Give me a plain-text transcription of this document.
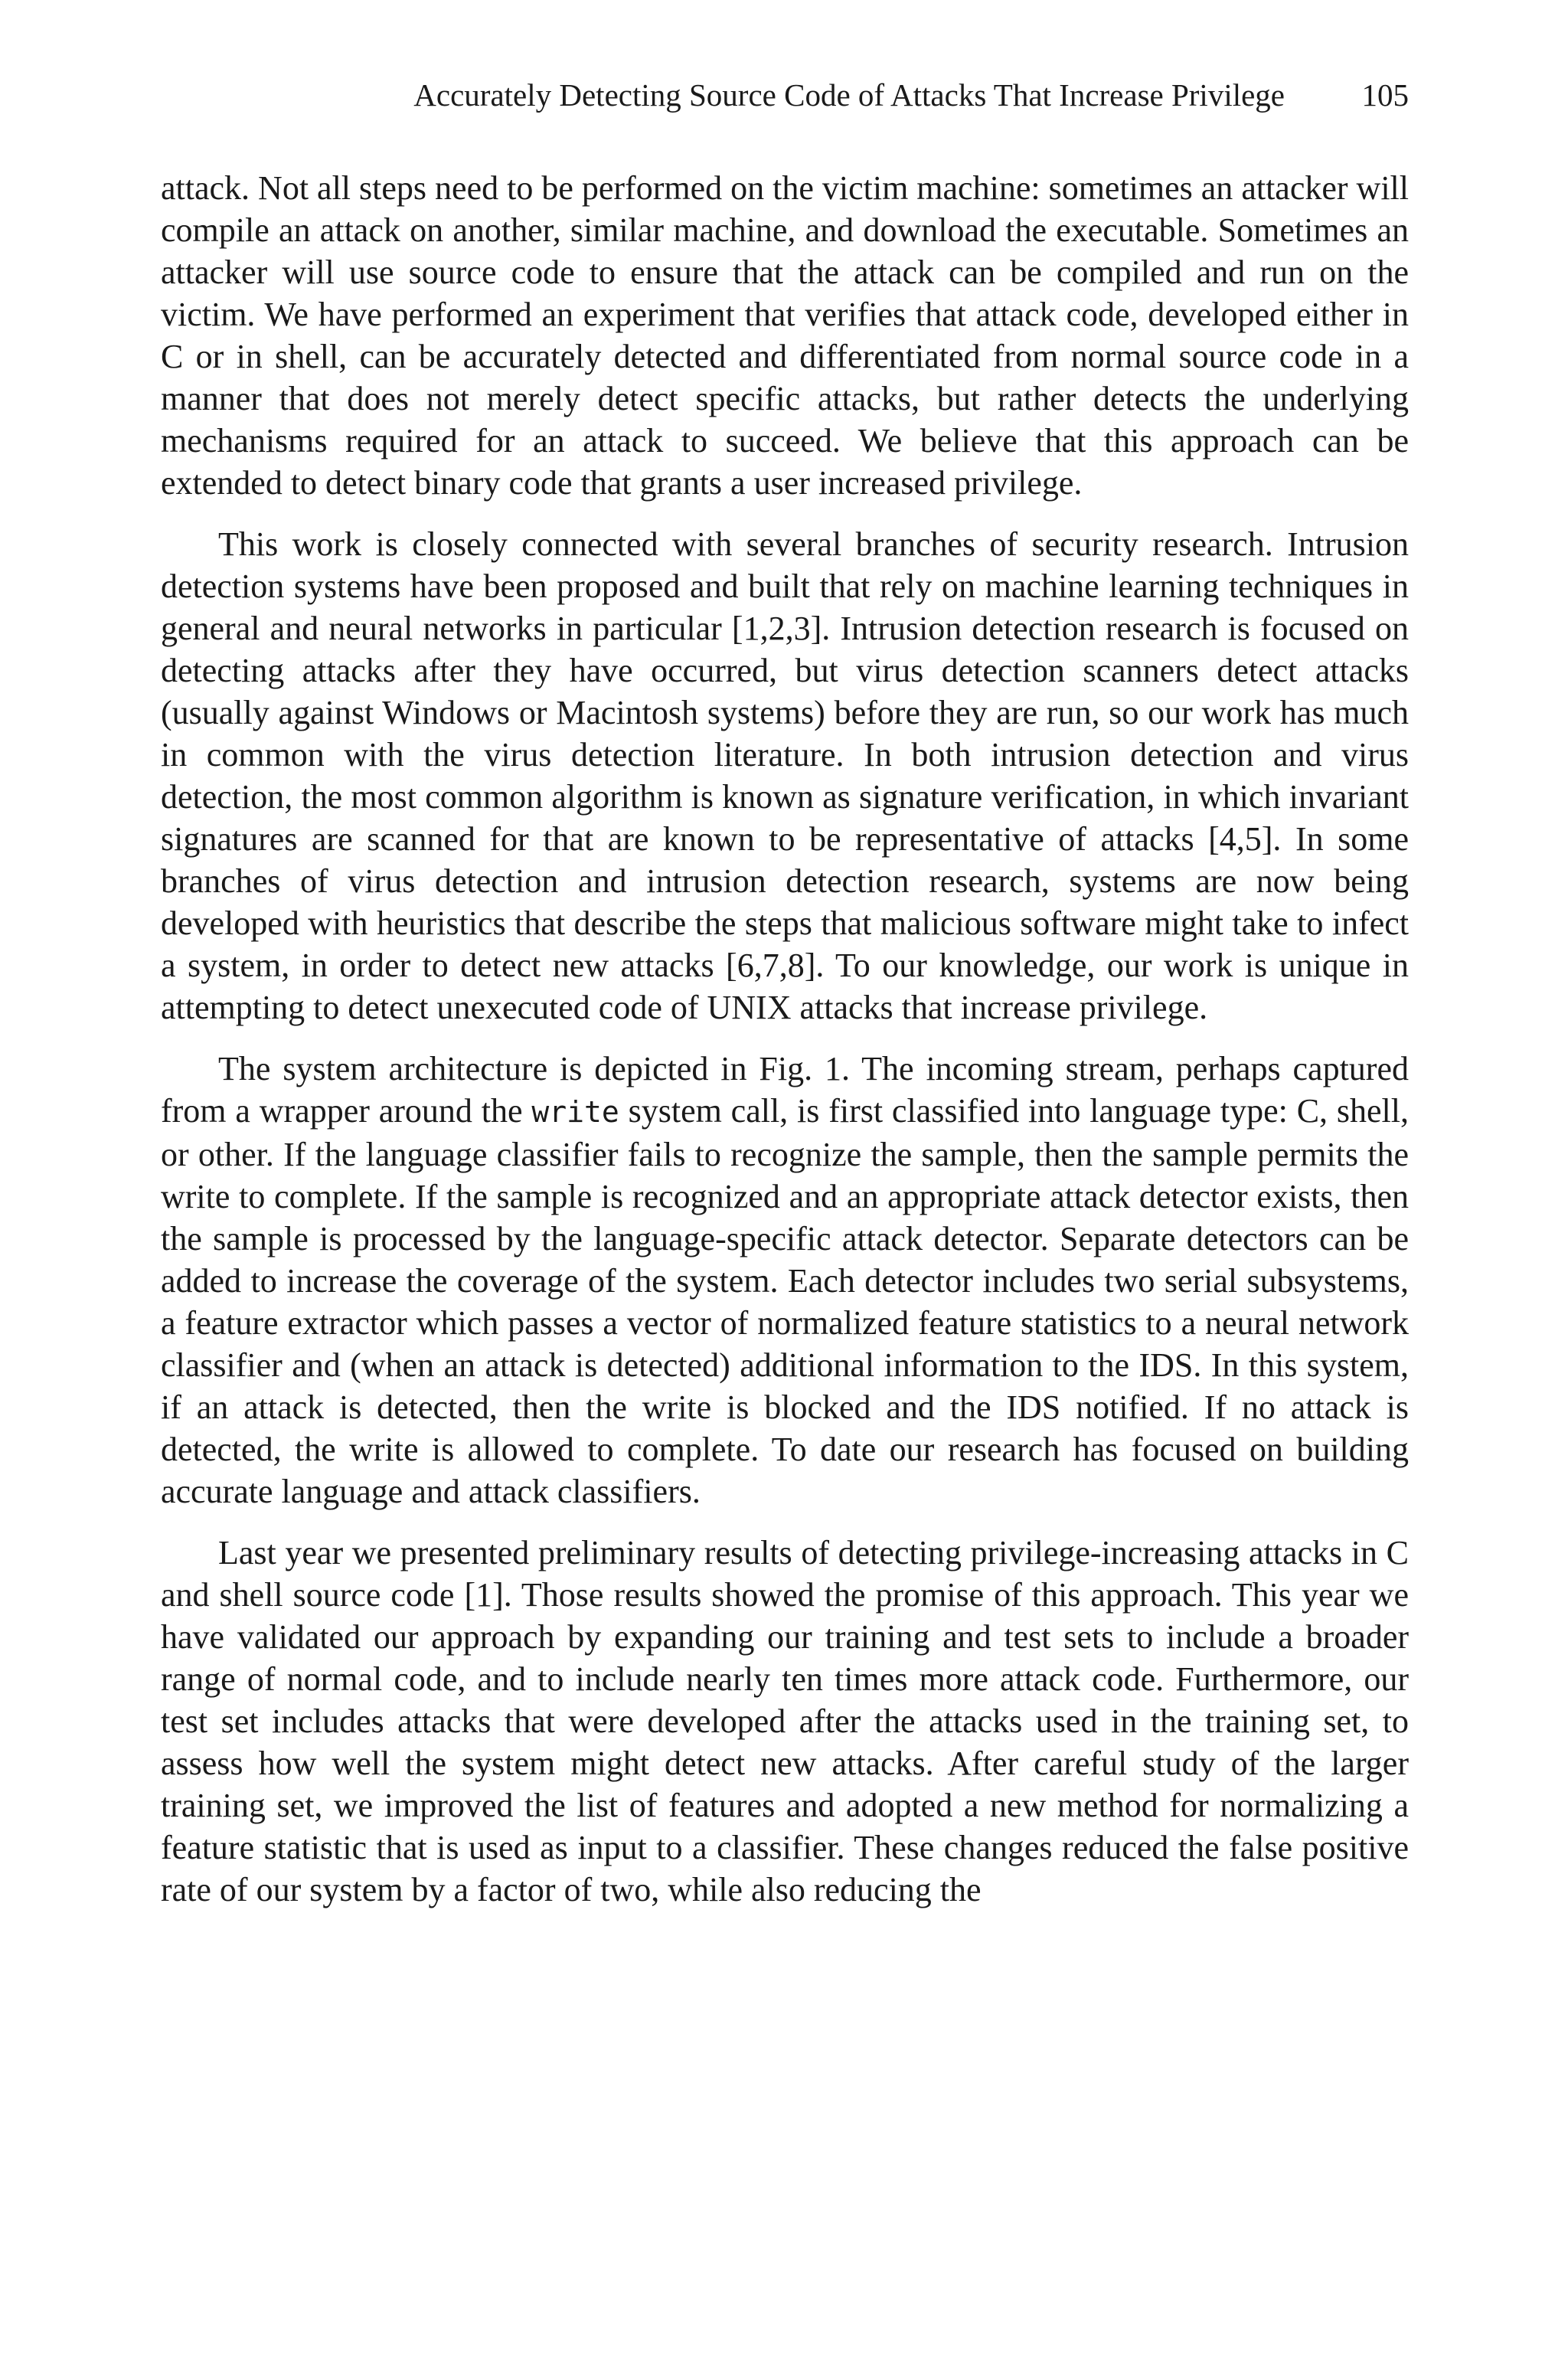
Accurately Detecting Source Code of Attacks That Increase Privilege 105

attack. Not all steps need to be performed on the victim machine: sometimes an attacker will compile an attack on another, similar machine, and download the executable. Sometimes an attacker will use source code to ensure that the attack can be compiled and run on the victim. We have performed an experiment that verifies that attack code, developed either in C or in shell, can be accurately detected and differentiated from normal source code in a manner that does not merely detect specific attacks, but rather detects the underlying mechanisms required for an attack to succeed. We believe that this approach can be extended to detect binary code that grants a user increased privilege.

This work is closely connected with several branches of security research. Intrusion detection systems have been proposed and built that rely on machine learning techniques in general and neural networks in particular [1,2,3]. Intrusion detection research is focused on detecting attacks after they have occurred, but virus detection scanners detect attacks (usually against Windows or Macintosh systems) before they are run, so our work has much in common with the virus detection literature. In both intrusion detection and virus detection, the most common algorithm is known as signature verification, in which invariant signatures are scanned for that are known to be representative of attacks [4,5]. In some branches of virus detection and intrusion detection research, systems are now being developed with heuristics that describe the steps that malicious software might take to infect a system, in order to detect new attacks [6,7,8]. To our knowledge, our work is unique in attempting to detect unexecuted code of UNIX attacks that increase privilege.

The system architecture is depicted in Fig. 1. The incoming stream, perhaps captured from a wrapper around the write system call, is first classified into language type: C, shell, or other. If the language classifier fails to recognize the sample, then the sample permits the write to complete. If the sample is recognized and an appropriate attack detector exists, then the sample is processed by the language-specific attack detector. Separate detectors can be added to increase the coverage of the system. Each detector includes two serial subsystems, a feature extractor which passes a vector of normalized feature statistics to a neural network classifier and (when an attack is detected) additional information to the IDS. In this system, if an attack is detected, then the write is blocked and the IDS notified. If no attack is detected, the write is allowed to complete. To date our research has focused on building accurate language and attack classifiers.

Last year we presented preliminary results of detecting privilege-increasing attacks in C and shell source code [1]. Those results showed the promise of this approach. This year we have validated our approach by expanding our training and test sets to include a broader range of normal code, and to include nearly ten times more attack code. Furthermore, our test set includes attacks that were developed after the attacks used in the training set, to assess how well the system might detect new attacks. After careful study of the larger training set, we improved the list of features and adopted a new method for normalizing a feature statistic that is used as input to a classifier. These changes reduced the false positive rate of our system by a factor of two, while also reducing the
